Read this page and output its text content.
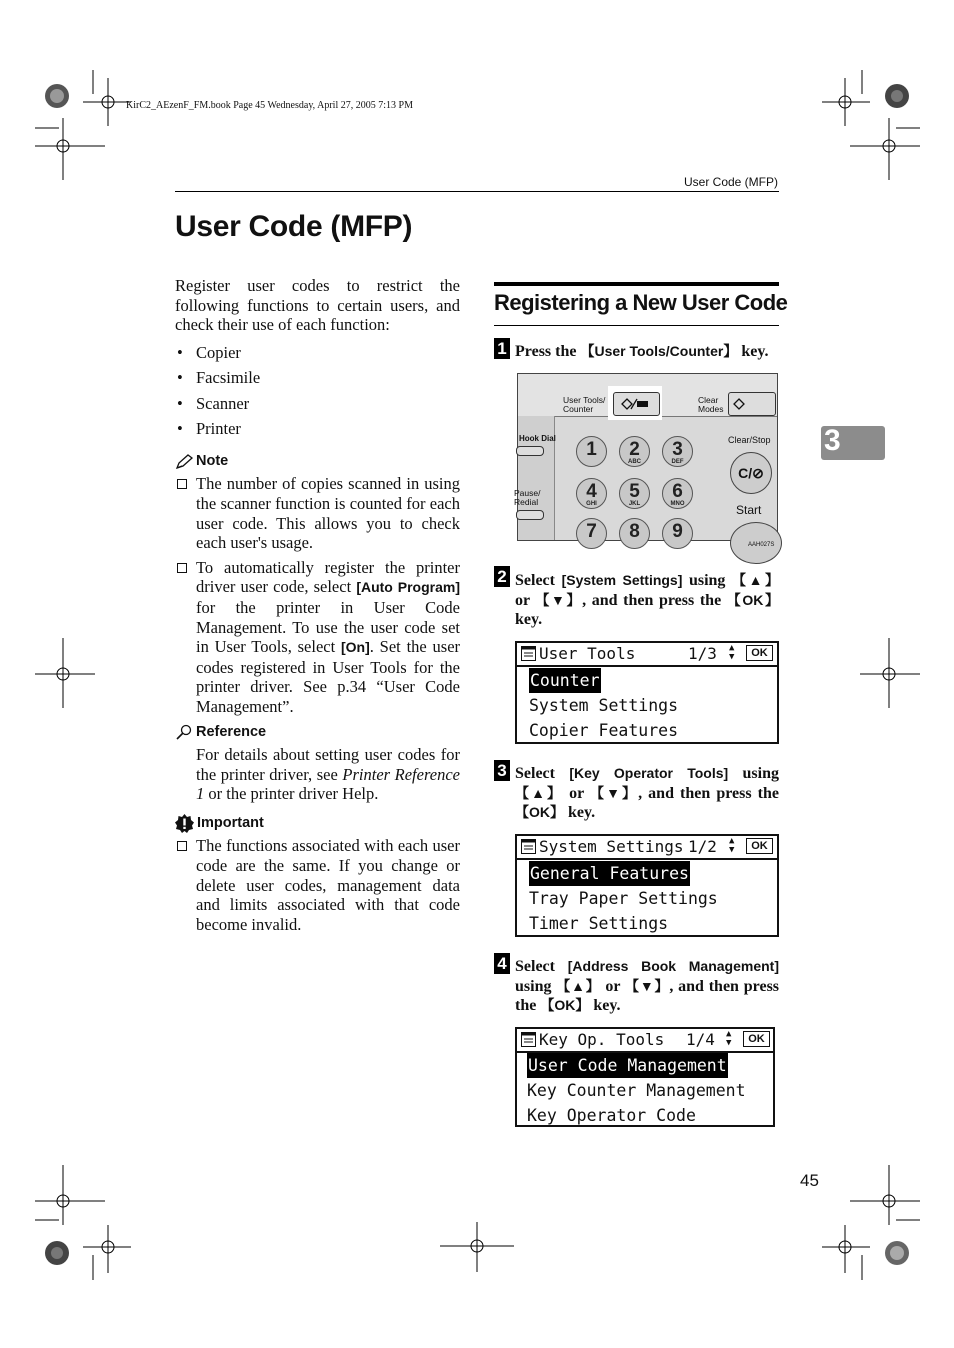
KirC2_AEzenF_FM.book Page 45 Wednesday, April 27, 2005 7:13 PM
User Code (MFP)
User Code (MFP)
3

Register user codes to restrict the following functions to certain users, and check their use of each function:

• Copier
• Facsimile
• Scanner
• Printer
Note
The number of copies scanned in using the scanner function is counted for each user code. This allows you to check each user's usage.
To automatically register the printer driver user code, select [Auto Program] for the printer in User Code Management. To use the user code set in User Tools, select [On]. Set the user codes registered in User Tools for the printer driver. See p.34 “User Code Management”.
Reference
For details about setting user codes for the printer driver, see Printer Reference 1 or the printer driver Help.
Important
The functions associated with each user code are the same. If you change or delete user codes, management data and limits associated with that code become invalid.
Registering a New User Code
1 Press the 【User Tools/Counter】 key.
User Tools/ Counter
Clear Modes
Hook Dial
Pause/ Redial
1	2
ABC
3
DEF
4
GHI
5
JKL
6
MNO
7	8	9
Clear/Stop
C/⊘
Start
AAH027S
2 Select [System Settings] using 【▲】 or 【▼】, and then press the 【OK】 key.
User Tools	1/3 ▲
▼	OK
Counter
System Settings
Copier Features
3 Select [Key Operator Tools] using 【▲】 or 【▼】, and then press the 【OK】 key.
System Settings 1/2 ▲
▼	OK
General Features
Tray Paper Settings
Timer Settings
4 Select [Address Book Management] using 【▲】 or 【▼】, and then press the 【OK】 key.
Key Op. Tools 1/4 ▲
▼	OK
User Code Management
Key Counter Management
Key Operator Code
45
